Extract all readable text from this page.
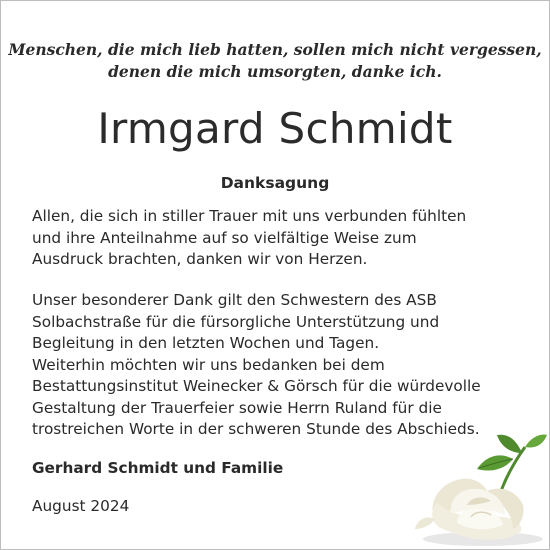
Menschen, die mich lieb hatten, sollen mich nicht vergessen,
denen die mich umsorgten, danke ich.
Irmgard Schmidt
Danksagung
Allen, die sich in stiller Trauer mit uns verbunden fühlten
und ihre Anteilnahme auf so vielfältige Weise zum
Ausdruck brachten, danken wir von Herzen.
Unser besonderer Dank gilt den Schwestern des ASB
Solbachstraße für die fürsorgliche Unterstützung und
Begleitung in den letzten Wochen und Tagen.
Weiterhin möchten wir uns bedanken bei dem
Bestattungsinstitut Weinecker & Görsch für die würdevolle
Gestaltung der Trauerfeier sowie Herrn Ruland für die
trostreichen Worte in der schweren Stunde des Abschieds.
Gerhard Schmidt und Familie
August 2024
